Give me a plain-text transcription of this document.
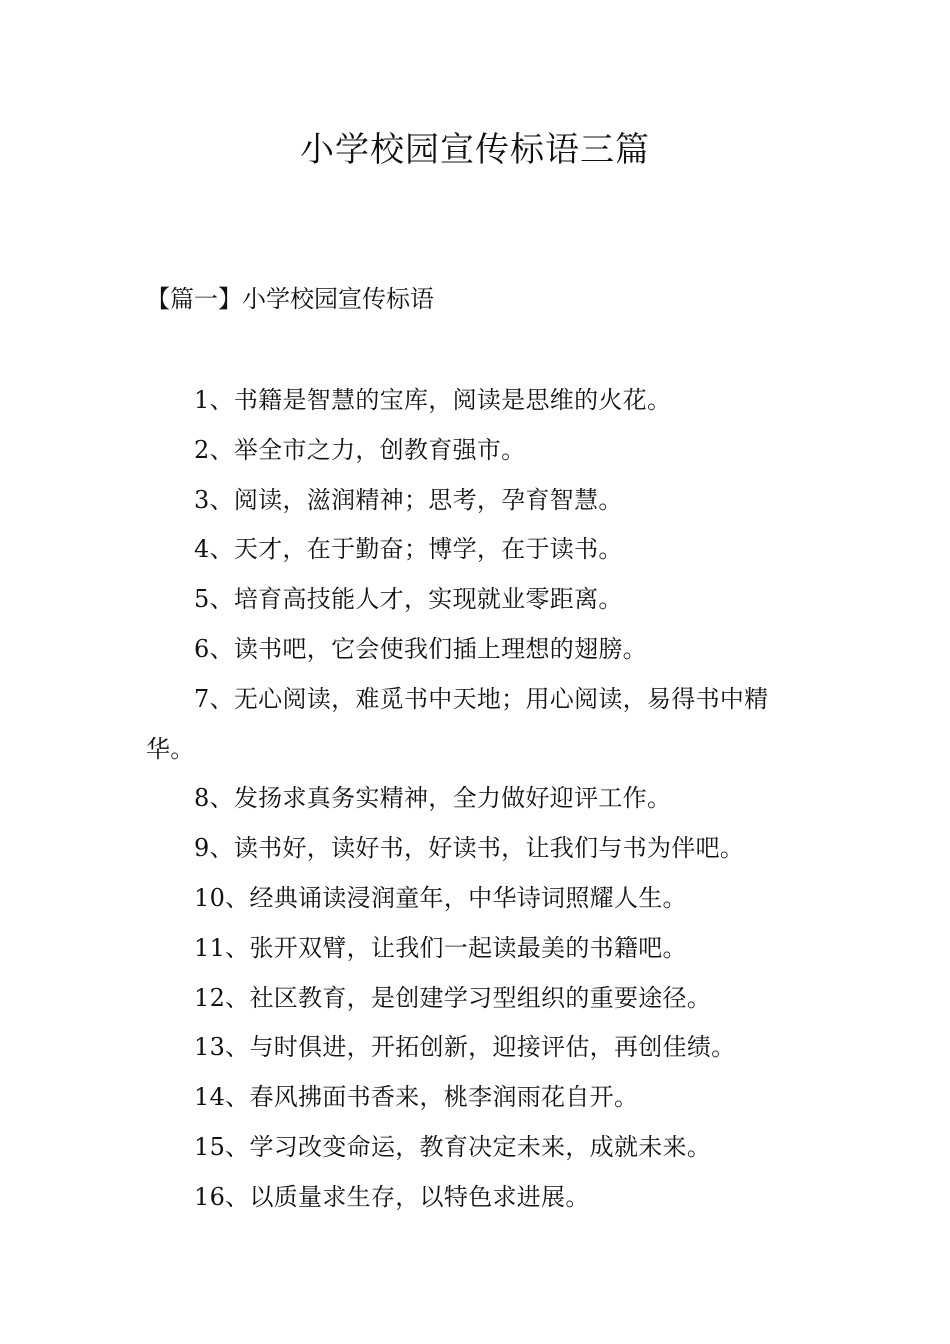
小学校园宣传标语三篇
【篇一】小学校园宣传标语
1、书籍是智慧的宝库，阅读是思维的火花。
2、举全市之力，创教育强市。
3、阅读，滋润精神；思考，孕育智慧。
4、天才，在于勤奋；博学，在于读书。
5、培育高技能人才，实现就业零距离。
6、读书吧，它会使我们插上理想的翅膀。
7、无心阅读，难觅书中天地；用心阅读，易得书中精华。
8、发扬求真务实精神，全力做好迎评工作。
9、读书好，读好书，好读书，让我们与书为伴吧。
10、经典诵读浸润童年，中华诗词照耀人生。
11、张开双臂，让我们一起读最美的书籍吧。
12、社区教育，是创建学习型组织的重要途径。
13、与时俱进，开拓创新，迎接评估，再创佳绩。
14、春风拂面书香来，桃李润雨花自开。
15、学习改变命运，教育决定未来，成就未来。
16、以质量求生存，以特色求进展。
